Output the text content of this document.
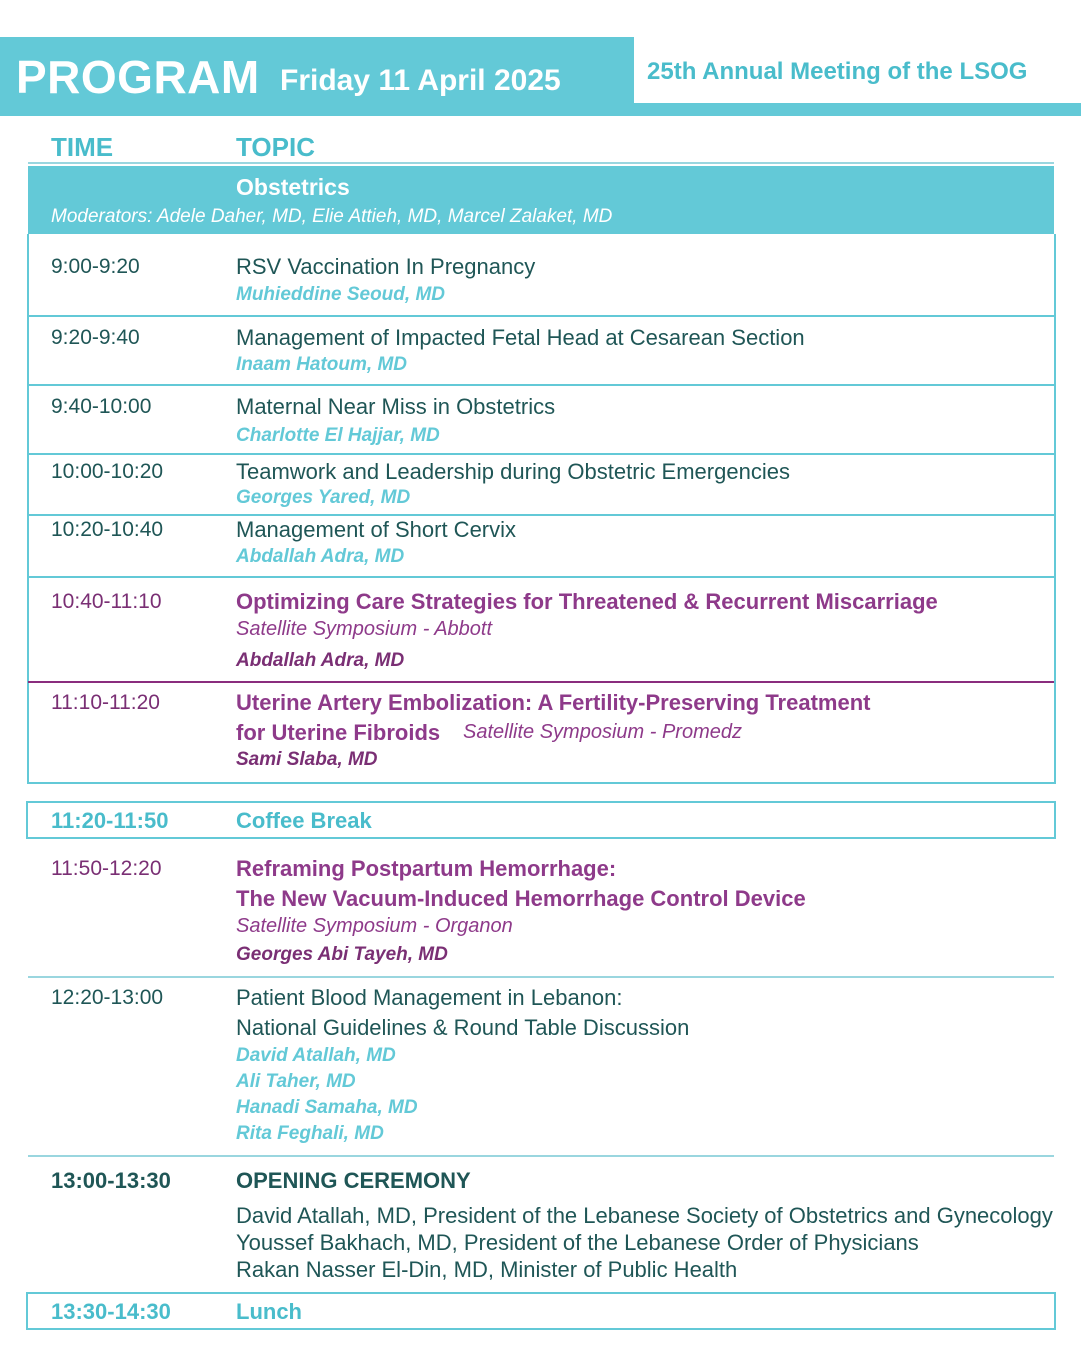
PROGRAM Friday 11 April 2025	25th Annual Meeting of the LSOG
TIME	TOPIC
Obstetrics
Moderators: Adele Daher, MD, Elie Attieh, MD, Marcel Zalaket, MD
9:00-9:20	RSV Vaccination In Pregnancy
Muhieddine Seoud, MD
9:20-9:40	Management of Impacted Fetal Head at Cesarean Section
Inaam Hatoum, MD
9:40-10:00	Maternal Near Miss in Obstetrics
Charlotte El Hajjar, MD
10:00-10:20	Teamwork and Leadership during Obstetric Emergencies
Georges Yared, MD
10:20-10:40	Management of Short Cervix
Abdallah Adra, MD
10:40-11:10	Optimizing Care Strategies for Threatened & Recurrent Miscarriage
Satellite Symposium - Abbott
Abdallah Adra, MD
11:10-11:20	Uterine Artery Embolization: A Fertility-Preserving Treatment
for Uterine Fibroids Satellite Symposium - Promedz
Sami Slaba, MD
11:20-11:50	Coffee Break
11:50-12:20	Reframing Postpartum Hemorrhage:
The New Vacuum-Induced Hemorrhage Control Device
Satellite Symposium - Organon
Georges Abi Tayeh, MD
12:20-13:00	Patient Blood Management in Lebanon:
National Guidelines & Round Table Discussion
David Atallah, MD
Ali Taher, MD
Hanadi Samaha, MD
Rita Feghali, MD
13:00-13:30	OPENING CEREMONY
David Atallah, MD, President of the Lebanese Society of Obstetrics and Gynecology
Youssef Bakhach, MD, President of the Lebanese Order of Physicians
Rakan Nasser El-Din, MD, Minister of Public Health
13:30-14:30	Lunch
